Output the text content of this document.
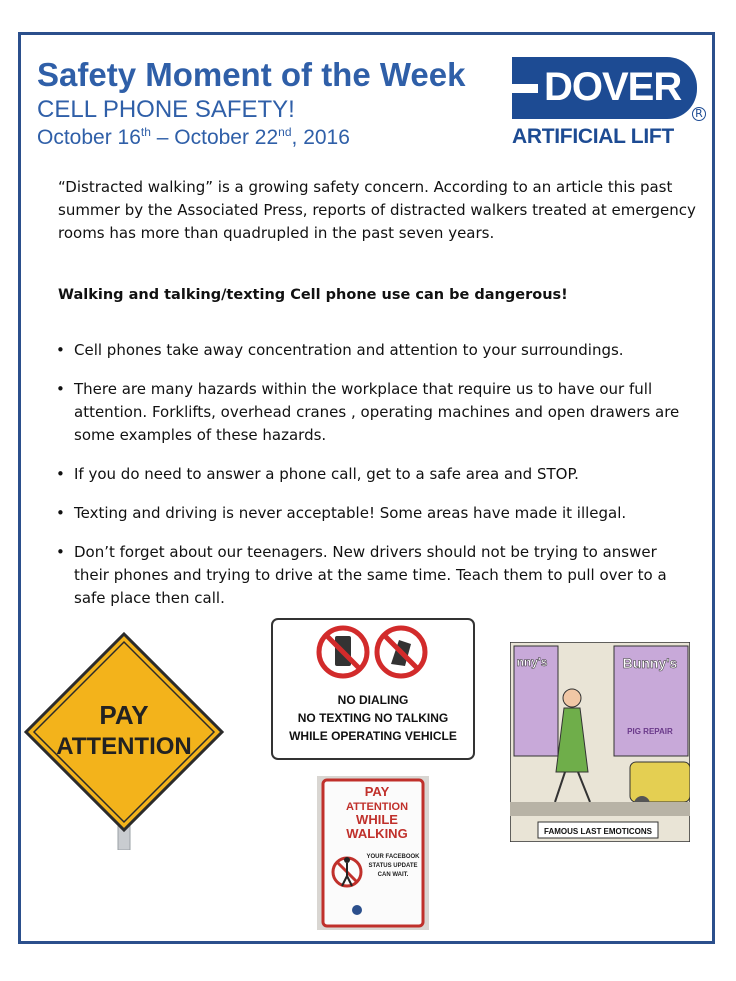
Safety Moment of the Week
CELL PHONE SAFETY!
October 16th – October 22nd, 2016
DOVER
R
ARTIFICIAL LIFT

“Distracted walking” is a growing safety concern. According to an article this past summer by the Associated Press, reports of distracted walkers treated at emergency rooms has more than quadrupled in the past seven years.

Walking and talking/texting Cell phone use can be dangerous!

• Cell phones take away concentration and attention to your surroundings.
• There are many hazards within the workplace that require us to have our full attention. Forklifts, overhead cranes , operating machines and open drawers are some examples of these hazards.
• If you do need to answer a phone call, get to a safe area and STOP.
• Texting and driving is never acceptable! Some areas have made it illegal.
• Don’t forget about our teenagers. New drivers should not be trying to answer their phones and trying to drive at the same time. Teach them to pull over to a safe place then call.
PAY
ATTENTION
NO DIALING
NO TEXTING NO TALKING
WHILE OPERATING VEHICLE
PAY
ATTENTION
WHILE
WALKING
YOUR FACEBOOK
STATUS UPDATE
CAN WAIT.
nny's	Bunny's
PIG REPAIR
FAMOUS LAST EMOTICONS
